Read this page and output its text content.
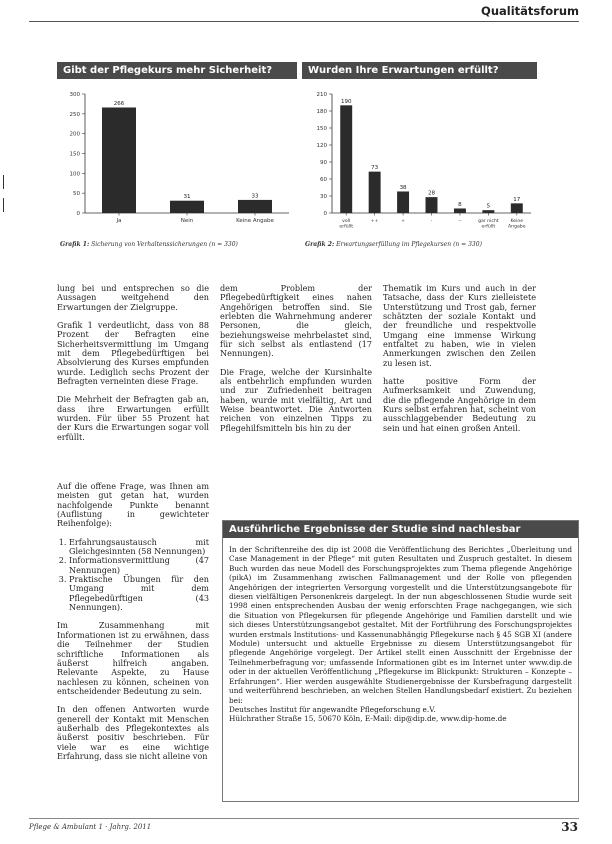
Qualitätsforum
Gibt der Pflegekurs mehr Sicherheit?
0
50
100
150
200
250
300
266
Ja
31
Nein
33
Keine Angabe
Grafik 1: Sicherung von Verhaltenssicherungen (n = 330)
Wurden Ihre Erwartungen erfüllt?
0
30
60
90
120
150
180
210
190
voll erfüllt
73
++
38
+
28
-
8
--
5
gar nicht erfüllt
17
Keine Angabe
Grafik 2: Erwartungserfüllung im Pflegekursen (n = 330)

lung bei und entsprechen so die Aussagen weitgehend den Erwartungen der Zielgruppe.

Grafik 1 verdeutlicht, dass von 88 Prozent der Befragten eine Sicherheitsvermittlung im Umgang mit dem Pflegebedürftigen bei Absolvierung des Kurses empfunden wurde. Lediglich sechs Prozent der Befragten verneinten diese Frage.

Die Mehrheit der Befragten gab an, dass ihre Erwartungen erfüllt wurden. Für über 55 Prozent hat der Kurs die Erwartungen sogar voll erfüllt.

Auf die offene Frage, was Ihnen am meisten gut getan hat, wurden nachfolgende Punkte benannt (Auflistung in gewichteter Reihenfolge):

1. Erfahrungsaustausch mit Gleichgesinnten (58 Nennungen)
2. Informationsvermittlung (47 Nennungen)
3. Praktische Übungen für den Umgang mit dem Pflegebedürftigen (43 Nennungen).

Im Zusammenhang mit Informationen ist zu erwähnen, dass die Teilnehmer der Studien schriftliche Informationen als äußerst hilfreich angaben. Relevante Aspekte, zu Hause nachlesen zu können, scheinen von entscheidender Bedeutung zu sein.

In den offenen Antworten wurde generell der Kontakt mit Menschen außerhalb des Pflegekontextes als äußerst positiv beschrieben. Für viele war es eine wichtige Erfahrung, dass sie nicht alleine von

dem Problem der Pflegebedürftigkeit eines nahen Angehörigen betroffen sind. Sie erlebten die Wahrnehmung anderer Personen, die gleich, beziehungsweise mehrbelastet sind, für sich selbst als entlastend (17 Nennungen).

Die Frage, welche der Kursinhalte als entbehrlich empfunden wurden und zur Zufriedenheit beitragen haben, wurde mit vielfältig, Art und Weise beantwortet. Die Antworten reichen von einzelnen Tipps zu Pflegehilfsmitteln bis hin zu der

Thematik im Kurs und auch in der Tatsache, dass der Kurs zielleistete Unterstützung und Trost gab, ferner schätzten der soziale Kontakt und der freundliche und respektvolle Umgang eine immense Wirkung entfaltet zu haben, wie in vielen Anmerkungen zwischen den Zeilen zu lesen ist.

hatte positive Form der Aufmerksamkeit und Zuwendung, die die pflegende Angehörige in dem Kurs selbst erfahren hat, scheint von ausschlaggebender Bedeutung zu sein und hat einen großen Anteil.

Ausführliche Ergebnisse der Studie sind nachlesbar
In der Schriftenreihe des dip ist 2008 die Veröffentlichung des Berichtes „Überleitung und Case Management in der Pflege“ mit guten Resultaten und Zuspruch gestaltet. In diesem Buch wurden das neue Modell des Forschungsprojektes zum Thema pflegende Angehörige (pikA) im Zusammenhang zwischen Fallmanagement und der Rolle von pflegenden Angehörigen der integrierten Versorgung vorgestellt und die Unterstützungsangebote für diesen vielfältigen Personenkreis dargelegt. In der nun abgeschlossenen Studie wurde seit 1998 einen entsprechenden Ausbau der wenig erforschten Frage nachgegangen, wie sich die Situation von Pflegekursen für pflegende Angehörige und Familien darstellt und wie sich dieses Unterstützungsangebot gestaltet. Mit der Fortführung des Forschungsprojektes wurden erstmals Institutions- und Kassenunabhängig Pflegekurse nach § 45 SGB XI (andere Module) untersucht und aktuelle Ergebnisse zu diesem Unterstützungsangebot für pflegende Angehörige vorgelegt. Der Artikel stellt einen Ausschnitt der Ergebnisse der Teilnehmerbefragung vor; umfassende Informationen gibt es im Internet unter www.dip.de oder in der aktuellen Veröffentlichung „Pflegekurse im Blickpunkt: Strukturen – Konzepte – Erfahrungen“. Hier werden ausgewählte Studienergebnisse der Kursbefragung dargestellt und weiterführend beschrieben, an welchen Stellen Handlungsbedarf existiert. Zu beziehen bei:
Deutsches Institut für angewandte Pflegeforschung e.V.
Hülchrather Straße 15, 50670 Köln, E-Mail: dip@dip.de, www.dip-home.de
Pflege & Ambulant 1 · Jahrg. 2011	33
